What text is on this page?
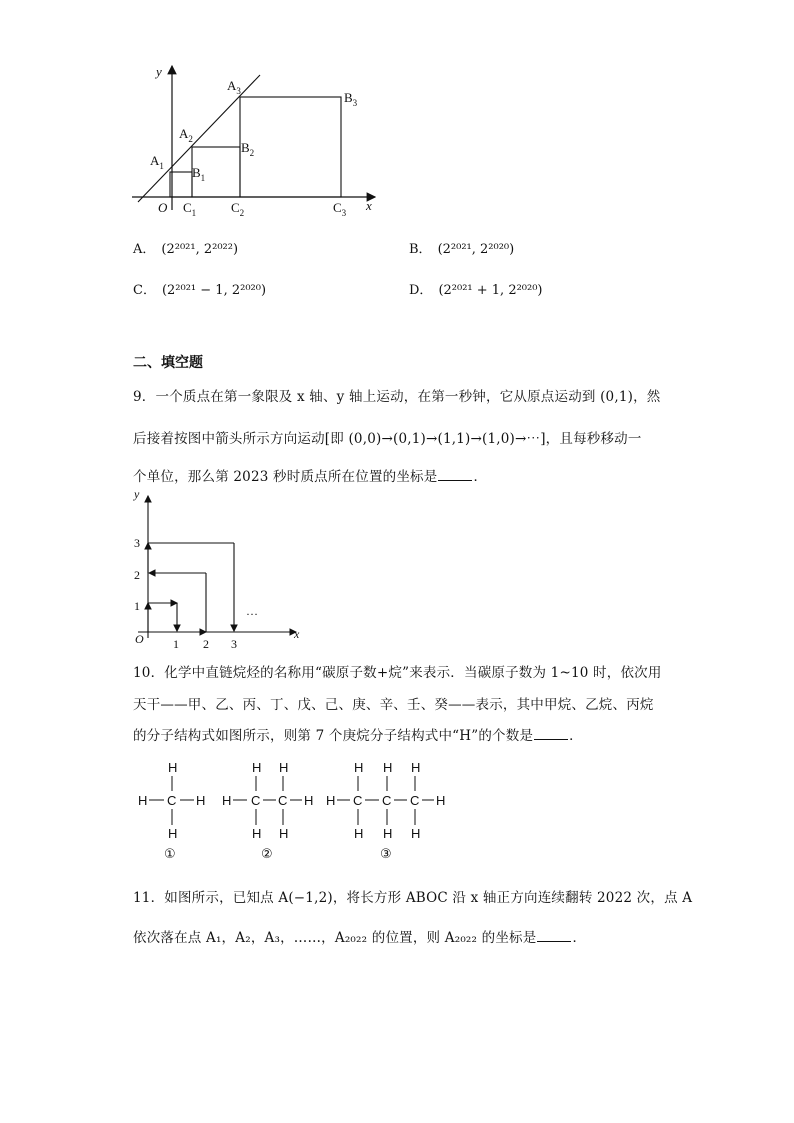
y
x
O
$A_1$
$A_2$
$A_3$
$B_1$
$B_2$
$B_3$
$C_1$	$C_2$	$C_3$
A． (2²⁰²¹, 2²⁰²²)	B． (2²⁰²¹, 2²⁰²⁰)
C． (2²⁰²¹ − 1, 2²⁰²⁰)	D． (2²⁰²¹ + 1, 2²⁰²⁰)
二、填空题
9．一个质点在第一象限及 x 轴、y 轴上运动，在第一秒钟，它从原点运动到 (0,1)，然
后接着按图中箭头所示方向运动[即 (0,0)→(0,1)→(1,1)→(1,0)→⋯]，且每秒移动一
个单位，那么第 2023 秒时质点所在位置的坐标是	．
y
x
O 1 2 3
1
2
3
…
10．化学中直链烷烃的名称用“碳原子数+烷”来表示．当碳原子数为 1~10 时，依次用
天干——甲、乙、丙、丁、戊、己、庚、辛、壬、癸——表示，其中甲烷、乙烷、丙烷
的分子结构式如图所示，则第 7 个庚烷分子结构式中“H”的个数是	．
H
H C H
H
①
H H
H C C H
H H
②
H H H
H C C C H
H H H
③
11．如图所示，已知点 A(−1,2)，将长方形 ABOC 沿 x 轴正方向连续翻转 2022 次，点 A
依次落在点 A₁，A₂，A₃，……，A₂₀₂₂ 的位置，则 A₂₀₂₂ 的坐标是	．
